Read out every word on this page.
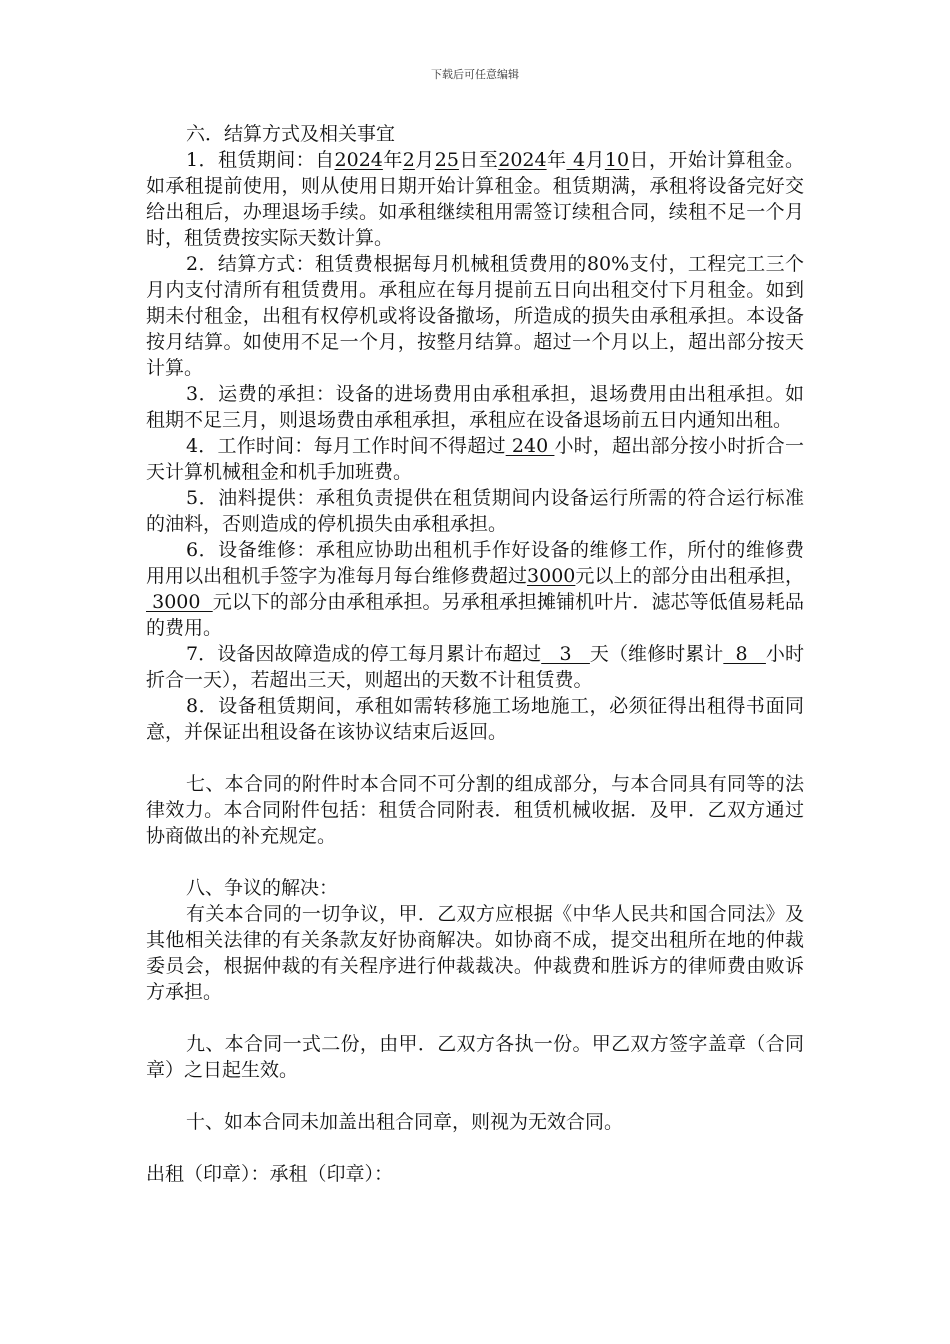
下载后可任意编辑

六．结算方式及相关事宜

1．租赁期间：自2024年2月25日至2024年 4月10日，开始计算租金。如承租提前使用，则从使用日期开始计算租金。租赁期满，承租将设备完好交给出租后，办理退场手续。如承租继续租用需签订续租合同，续租不足一个月时，租赁费按实际天数计算。

2．结算方式：租赁费根据每月机械租赁费用的80%支付，工程完工三个月内支付清所有租赁费用。承租应在每月提前五日向出租交付下月租金。如到期未付租金，出租有权停机或将设备撤场，所造成的损失由承租承担。本设备按月结算。如使用不足一个月，按整月结算。超过一个月以上，超出部分按天计算。

3．运费的承担：设备的进场费用由承租承担，退场费用由出租承担。如租期不足三月，则退场费由承租承担，承租应在设备退场前五日内通知出租。

4．工作时间：每月工作时间不得超过 240 小时，超出部分按小时折合一天计算机械租金和机手加班费。

5．油料提供：承租负责提供在租赁期间内设备运行所需的符合运行标准的油料，否则造成的停机损失由承租承担。

6．设备维修：承租应协助出租机手作好设备的维修工作，所付的维修费用用以出租机手签字为准每月每台维修费超过3000元以上的部分由出租承担， 3000  元以下的部分由承租承担。另承租承担摊铺机叶片．滤芯等低值易耗品的费用。

7．设备因故障造成的停工每月累计布超过   3   天（维修时累计  8   小时折合一天），若超出三天，则超出的天数不计租赁费。

8．设备租赁期间，承租如需转移施工场地施工，必须征得出租得书面同意，并保证出租设备在该协议结束后返回。

七、本合同的附件时本合同不可分割的组成部分，与本合同具有同等的法律效力。本合同附件包括：租赁合同附表．租赁机械收据．及甲．乙双方通过协商做出的补充规定。

八、争议的解决：

有关本合同的一切争议，甲．乙双方应根据《中华人民共和国合同法》及其他相关法律的有关条款友好协商解决。如协商不成，提交出租所在地的仲裁委员会，根据仲裁的有关程序进行仲裁裁决。仲裁费和胜诉方的律师费由败诉方承担。

九、本合同一式二份，由甲．乙双方各执一份。甲乙双方签字盖章（合同章）之日起生效。

十、如本合同未加盖出租合同章，则视为无效合同。

出租（印章）：承租（印章）：
